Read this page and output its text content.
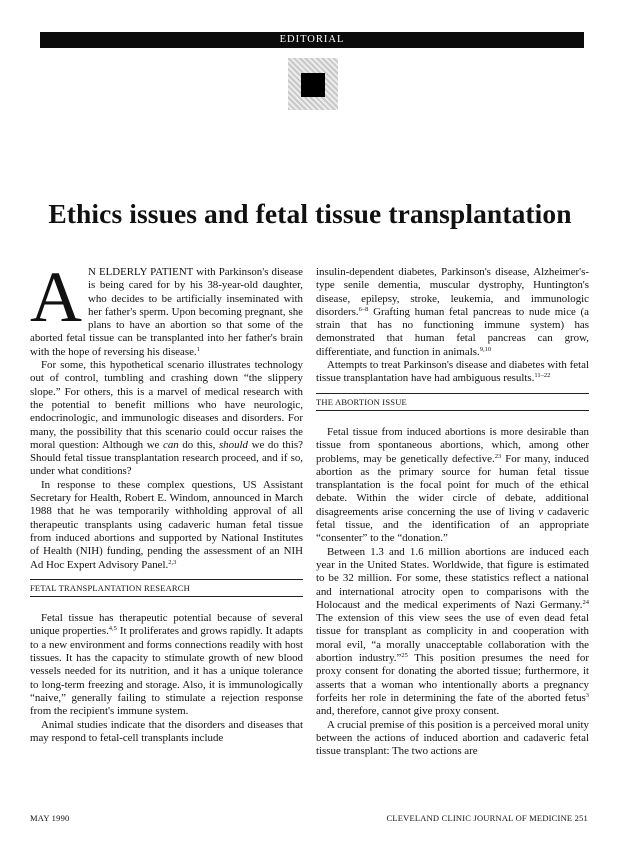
EDITORIAL
Ethics issues and fetal tissue transplantation

A N ELDERLY PATIENT with Parkinson's disease is being cared for by his 38-year-old daughter, who decides to be artificially inseminated with her father's sperm. Upon becoming pregnant, she plans to have an abortion so that some of the aborted fetal tissue can be transplanted into her father's brain with the hope of reversing his disease.$^1$

For some, this hypothetical scenario illustrates technology out of control, tumbling and crashing down “the slippery slope.” For others, this is a marvel of medical research with the potential to benefit millions who have neurologic, endocrinologic, and immunologic diseases and disorders. For many, the possibility that this scenario could occur raises the moral question: Although we can do this, should we do this? Should fetal tissue transplantation research proceed, and if so, under what conditions?

In response to these complex questions, US Assistant Secretary for Health, Robert E. Windom, announced in March 1988 that he was temporarily withholding approval of all therapeutic transplants using cadaveric human fetal tissue from induced abortions and supported by National Institutes of Health (NIH) funding, pending the assessment of an NIH Ad Hoc Expert Advisory Panel.$^{2,3}$

FETAL TRANSPLANTATION RESEARCH

Fetal tissue has therapeutic potential because of several unique properties.$^{4,5}$ It proliferates and grows rapidly. It adapts to a new environment and forms connections readily with host tissues. It has the capacity to stimulate growth of new blood vessels needed for its nutrition, and it has a unique tolerance to long-term freezing and storage. Also, it is immunologically “naive,” generally failing to stimulate a rejection response from the recipient's immune system.

Animal studies indicate that the disorders and diseases that may respond to fetal-cell transplants include

insulin-dependent diabetes, Parkinson's disease, Alzheimer's-type senile dementia, muscular dystrophy, Huntington's disease, epilepsy, stroke, leukemia, and immunologic disorders.$^{6-8}$ Grafting human fetal pancreas to nude mice (a strain that has no functioning immune system) has demonstrated that human fetal pancreas can grow, differentiate, and function in animals.$^{9,10}$

Attempts to treat Parkinson's disease and diabetes with fetal tissue transplantation have had ambiguous results.$^{11-22}$

THE ABORTION ISSUE

Fetal tissue from induced abortions is more desirable than tissue from spontaneous abortions, which, among other problems, may be genetically defective.$^{23}$ For many, induced abortion as the primary source for human fetal tissue transplantation is the focal point for much of the ethical debate. Within the wider circle of debate, additional disagreements arise concerning the use of living v cadaveric fetal tissue, and the identification of an appropriate “consenter” to the “donation.”

Between 1.3 and 1.6 million abortions are induced each year in the United States. Worldwide, that figure is estimated to be 32 million. For some, these statistics reflect a national and international atrocity open to comparisons with the Holocaust and the medical experiments of Nazi Germany.$^{24}$ The extension of this view sees the use of even dead fetal tissue for transplant as complicity in and cooperation with moral evil, “a morally unacceptable collaboration with the abortion industry.”$^{25}$ This position presumes the need for proxy consent for donating the aborted tissue; furthermore, it asserts that a woman who intentionally aborts a pregnancy forfeits her role in determining the fate of the aborted fetus$^3$ and, therefore, cannot give proxy consent.

A crucial premise of this position is a perceived moral unity between the actions of induced abortion and cadaveric fetal tissue transplant: The two actions are

MAY 1990	CLEVELAND CLINIC JOURNAL OF MEDICINE 251
